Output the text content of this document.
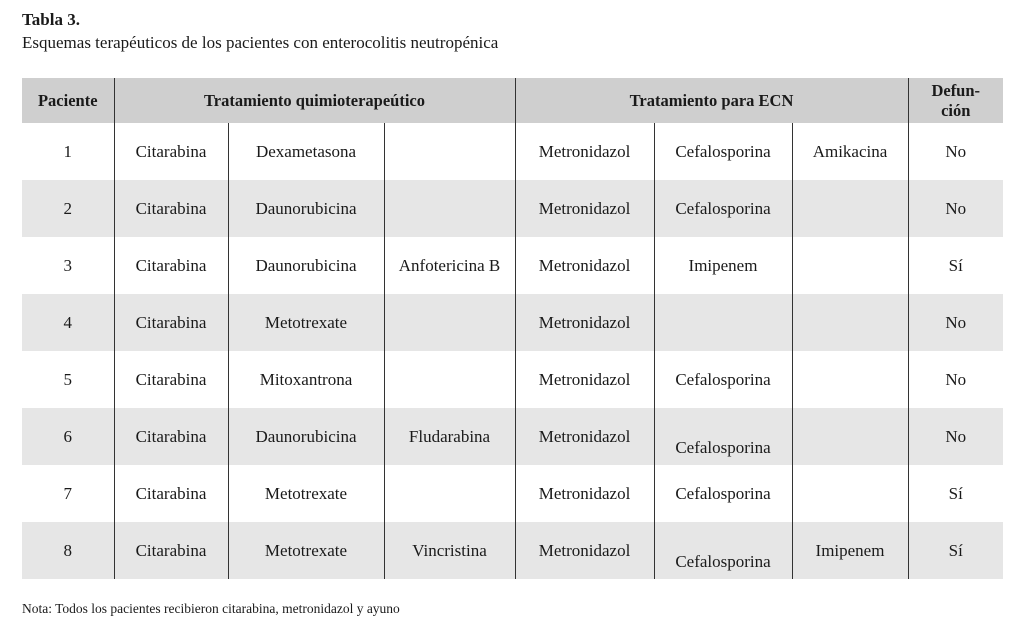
Tabla 3.
Esquemas terapéuticos de los pacientes con enterocolitis neutropénica
Paciente	Tratamiento quimioterapeútico			Tratamiento para ECN			Defun-
ción
1	Citarabina	Dexametasona		Metronidazol	Cefalosporina	Amikacina	No
2	Citarabina	Daunorubicina		Metronidazol	Cefalosporina		No
3	Citarabina	Daunorubicina	Anfotericina B	Metronidazol	Imipenem		Sí
4	Citarabina	Metotrexate		Metronidazol			No
5	Citarabina	Mitoxantrona		Metronidazol	Cefalosporina		No
6	Citarabina	Daunorubicina	Fludarabina	Metronidazol	Cefalosporina		No
7	Citarabina	Metotrexate		Metronidazol	Cefalosporina		Sí
8	Citarabina	Metotrexate	Vincristina	Metronidazol	Cefalosporina	Imipenem	Sí
Nota: Todos los pacientes recibieron citarabina, metronidazol y ayuno
